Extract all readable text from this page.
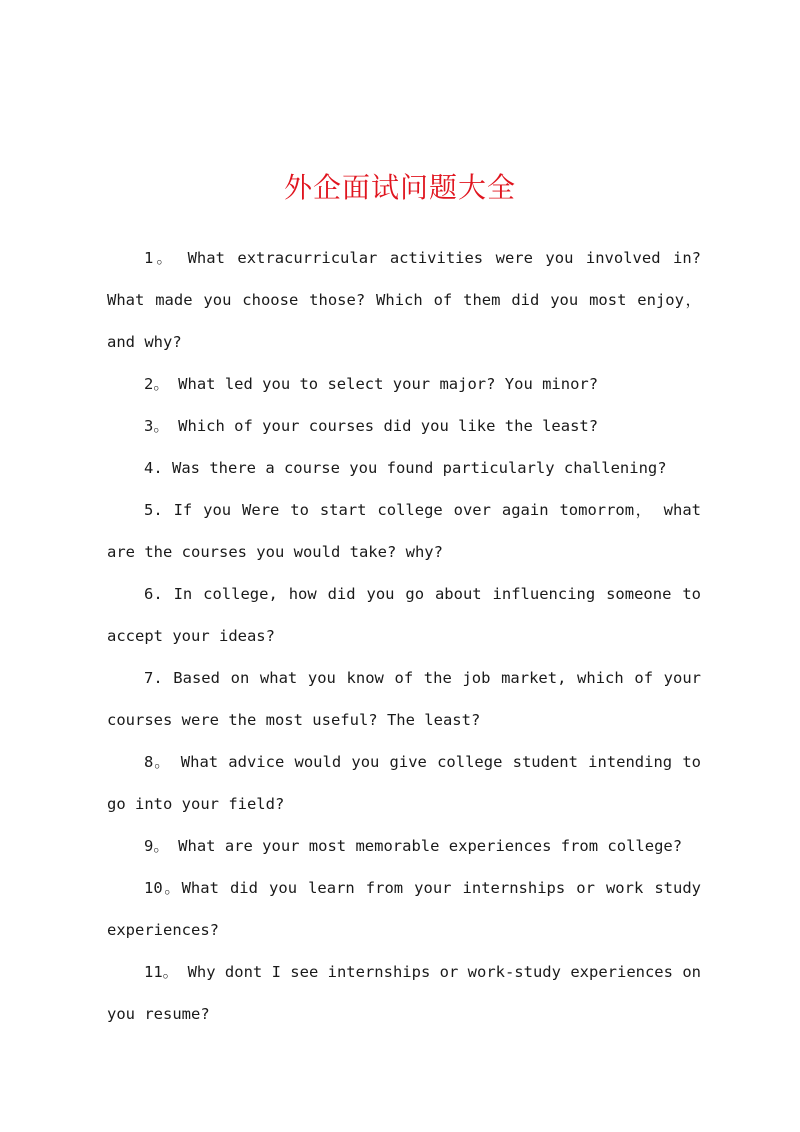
外企面试问题大全

1。 What extracurricular activities were you involved in? What made you choose those? Which of them did you most enjoy， and why?

2。 What led you to select your major? You minor?

3。 Which of your courses did you like the least?

4. Was there a course you found particularly challening?

5. If you Were to start college over again tomorrom， what are the courses you would take? why?

6. In college, how did you go about influencing someone to accept your ideas?

7. Based on what you know of the job market, which of your courses were the most useful? The least?

8。 What advice would you give college student intending to go into your field?

9。 What are your most memorable experiences from college?

10。What did you learn from your internships or work study experiences?

11。 Why dont I see internships or work-study experiences on you resume?
